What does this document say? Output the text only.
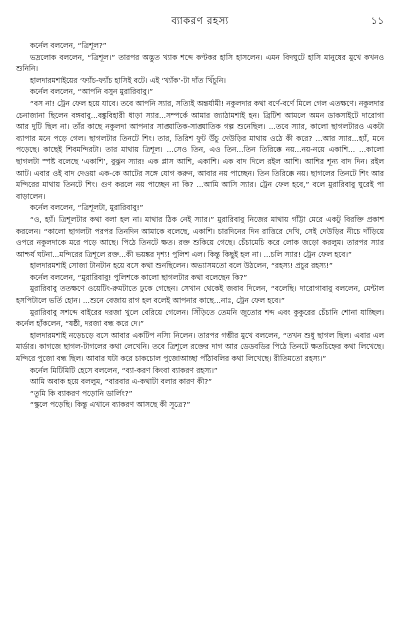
ব্যাকরণ রহস্য	১১

কর্নেল বললেন, “ত্রিশূল?”

ভদ্রলোক বললেন, “ত্রিশূল।” তারপর অদ্ভুত খ্যাক শব্দে কণ্টকর হাসি হাসলেন। এমন বিদঘুটে হাসি মানুষের মুখে কখনও শুনিনি।

হালদারমশাইয়ের ‘ফ্যাঁচ-ফ্যাঁচ হাসিই বটে। এই ‘খ্যাঁক’-টা দাঁত খিঁচুনি।

কর্নেল বললেন, “আপনি বসুন মুরারিবাবু।”

“বস না! ট্রেন ফেল হয়ে যাবে। তবে আপনি স্যার, সত্যিই অন্তর্যামী! নকুলদার কথা বর্ণে-বর্ণে মিলে গেল এতক্ষণে। নকুলদার চেনাজানা ছিলেন বঙ্গবাবু...বঙ্কুবিহারী ধাড়া স্যার...সম্পর্কে আমার জ্যাঠামশাই হন। ব্রিটিশ আমলে অমন ডাকসাইটে দারোগা আর দুটি ছিল না। তাঁর কাছে নকুলদা আপনার সাঙ্ঘাতিক-সাঙ্ঘাতিক গল্প শুনেছিল। ...তবে স্যার, কালো ছাগলটারও একটা ব্যাপার মনে পড়ে গেল। ছাগলটার তিনটে শিং। তার, তিরিশ ফুট উঁচু দেউড়ির মাথায় ওঠে কী করে? ...আর স্যার...হ্যাঁ, মনে পড়েছে। কাছেই শিবমন্দিরটা। তার মাথায় ত্রিশূল। ...সেও তিন, এও তিন...তিন তিরিক্কে নয়...নয়-নয়ে একাশি... ...কালো ছাগলটা স্পষ্ট বলেছে ‘একাশি’, বুঝুন স্যার! এক প্লাস আশি, একাশি। এক বাদ দিলে রইল আশি। আশির শূন্য বাদ দিন। রইল আট। এবার ওই বাদ দেওয়া এক-কে আটের সঙ্গে যোগ করুন, আবার নয় পাচ্ছেন। তিন তিরিক্কে নয়। ছাগলের তিনটে শিং আর মন্দিরের মাথায় তিনটে শিং। গুণ করলে নয় পাচ্ছেন না কি? ...আমি আসি স্যার। ট্রেন ফেল হবে,” বলে মুরারিবাবু ঘুরেই পা বাড়ালেন।

কর্নেল বললেন, “ত্রিশূলটা, মুরারিবাবু!”

“ও, হ্যাঁ। ত্রিশূলটার কথা বলা হল না। মাথার ঠিক নেই স্যার।” মুরারিবাবু নিজের মাথায় গাঁট্টা মেরে একটু বিরক্তি প্রকাশ করলেন। “কালো ছাগলটা পরপর তিনদিন আমাকে বলেছে, একাশি। চারদিনের দিন রাত্তিরে দেখি, সেই দেউড়ির নীচে দাঁড়িয়ে ওপরে নকুলদাকে মরে পড়ে আছে। পিঠে তিনটে ক্ষত। রক্ত শুকিয়ে গেছে। চেঁচামেচি করে লোক জড়ো করলুম। তারপর স্যার আশ্চর্য ঘটনা...মন্দিরের ত্রিশূলে রক্ত...কী ভয়ঙ্কর দৃশ্য! পুলিশ এল। কিন্তু কিছুই হল না। ...চলি স্যার! ট্রেন ফেল হবে।”

হালদারমশাই সোজা টানটান হয়ে বসে কথা শুনছিলেন। অভ্যাসমতো বলে উঠলেন, “রহস্য! প্রচুর রহস্য!”

কর্নেল বললেন, “মুরারিবাবু! পুলিশকে কালো ছাগলটার কথা বলেছেন কি?”

মুরারিবাবু ততক্ষণে ওয়েটিং-রুমটাতে ঢুকে গেছেন। সেখান থেকেই জবাব দিলেন, “বলেছি। দারোগাবাবু বললেন, মেন্টাল হসপিটালে ভর্তি হোন। ...শুনে বেজায় রাগ হল বলেই আপনার কাছে...নাঃ, ট্রেন ফেল হবে।”

মুরারিবাবু সশব্দে বাইরের দরজা খুলে বেরিয়ে গেলেন। সিঁড়িতে তেমনি জুতোর শব্দ এবং কুকুরের চেঁচানি শোনা যাচ্ছিল। কর্নেল হাঁকলেন, “ষষ্ঠী, দরজা বন্ধ করে দে।”

হালদারমশাই নড়েচড়ে বসে আবার একটিপ নস্যি নিলেন। তারপর গম্ভীর মুখে বললেন, “তখন শুধু ছাগল ছিল। এবার এল মার্ডার। কাগজে ছাগল-টাগলের কথা লেখেনি। তবে ত্রিশূলে রক্তের দাগ আর ডেডবডির পিঠে তিনটে ক্ষতচিহ্নের কথা লিখেছে। মন্দিরে পুজো বন্ধ ছিল। আবার ঘটা করে চাকচোল পুজোআচ্ছা পাঁঠাবলির কথা লিখেছে। রীতিমতো রহস্য।”

কর্নেল মিটিমিটি হেসে বললেন, “ব্যা-করণ কিংবা ব্যাকরণ রহস্য।”

আমি অবাক হয়ে বললুম, “বারবার এ-কথাটা বলার কারণ কী?”

“তুমি কি ব্যাকরণ পড়োনি ডার্লিং?”

“স্কুলে পড়েছি। কিন্তু এখানে ব্যাকরণ আসছে কী সূত্রে?”
